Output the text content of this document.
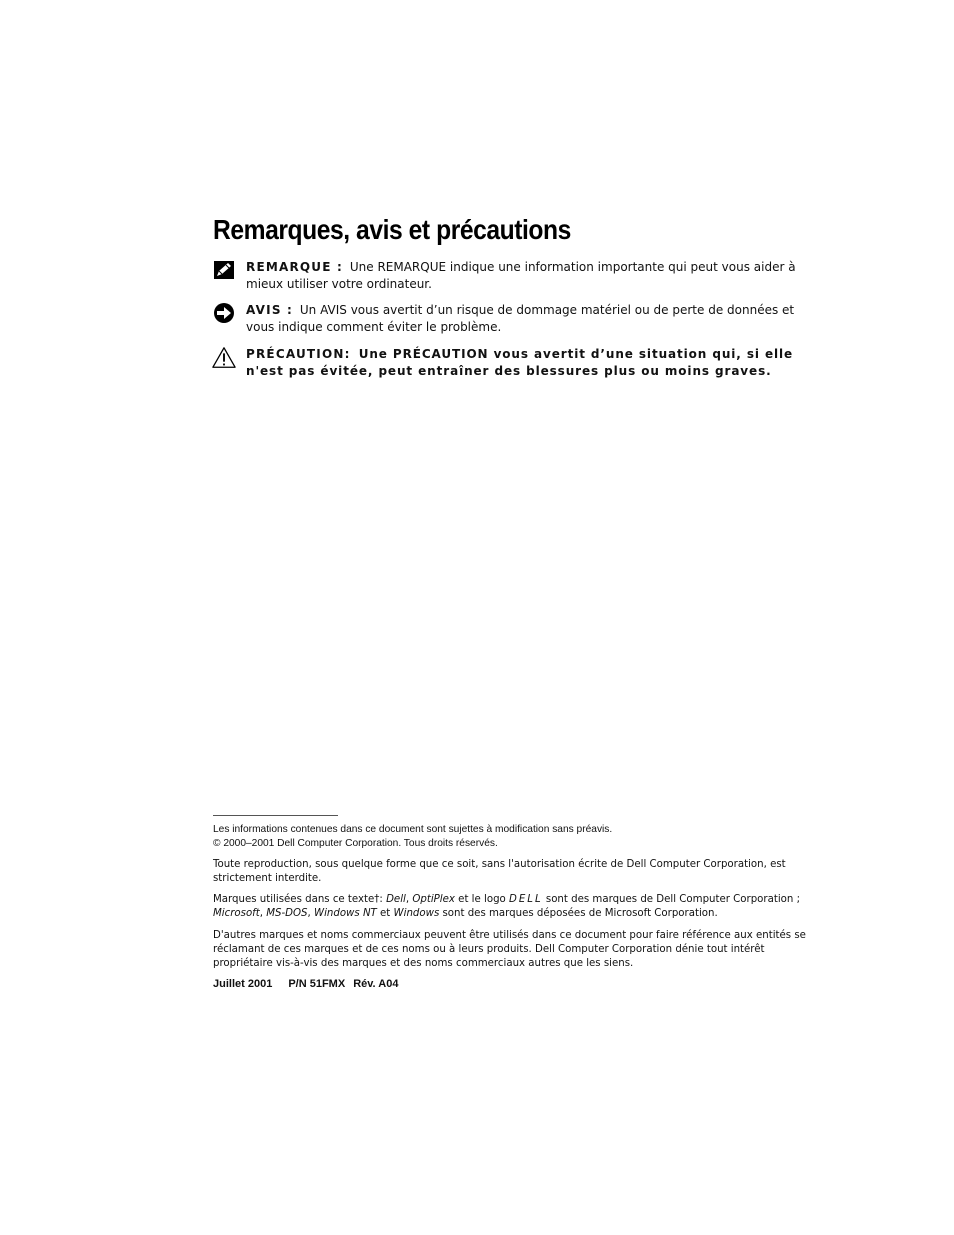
Remarques, avis et précautions
REMARQUE : Une REMARQUE indique une information importante qui peut vous aider à mieux utiliser votre ordinateur.
AVIS : Un AVIS vous avertit d’un risque de dommage matériel ou de perte de données et vous indique comment éviter le problème.
PRÉCAUTION: Une PRÉCAUTION vous avertit d’une situation qui, si elle n'est pas évitée, peut entraîner des blessures plus ou moins graves.

Les informations contenues dans ce document sont sujettes à modification sans préavis.
© 2000–2001 Dell Computer Corporation. Tous droits réservés.

Toute reproduction, sous quelque forme que ce soit, sans l'autorisation écrite de Dell Computer Corporation, est strictement interdite.

Marques utilisées dans ce texte†: Dell, OptiPlex et le logo DELL sont des marques de Dell Computer Corporation ; Microsoft, MS-DOS, Windows NT et Windows sont des marques déposées de Microsoft Corporation.

D'autres marques et noms commerciaux peuvent être utilisés dans ce document pour faire référence aux entités se réclamant de ces marques et de ces noms ou à leurs produits. Dell Computer Corporation dénie tout intérêt propriétaire vis-à-vis des marques et des noms commerciaux autres que les siens.

Juillet 2001 P/N 51FMX Rév. A04
